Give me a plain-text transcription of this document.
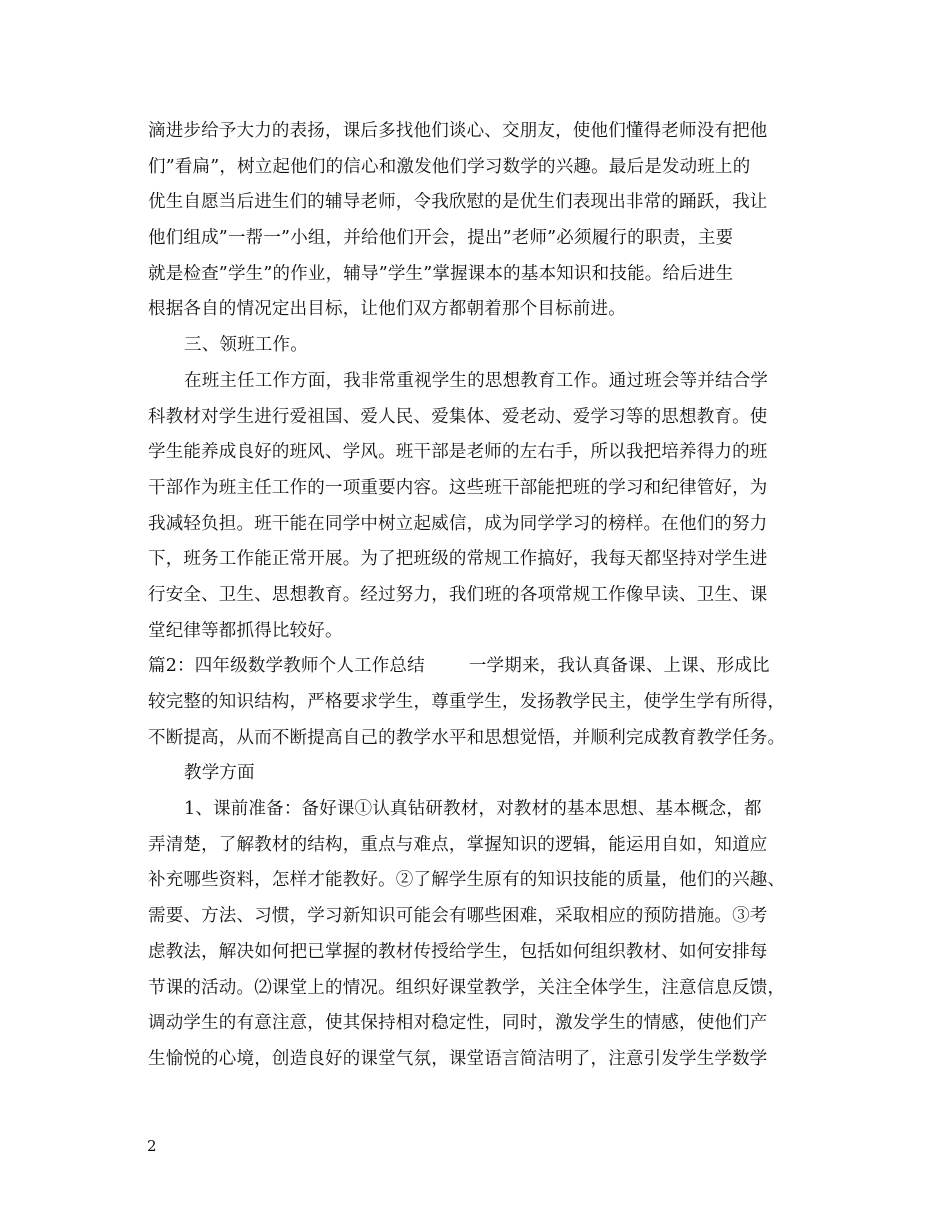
滴进步给予大力的表扬，课后多找他们谈心、交朋友，使他们懂得老师没有把他
们”看扁”，树立起他们的信心和激发他们学习数学的兴趣。最后是发动班上的
优生自愿当后进生们的辅导老师，令我欣慰的是优生们表现出非常的踊跃，我让
他们组成”一帮一”小组，并给他们开会，提出”老师”必须履行的职责，主要
就是检查”学生”的作业，辅导”学生”掌握课本的基本知识和技能。给后进生
根据各自的情况定出目标，让他们双方都朝着那个目标前进。
三、领班工作。
在班主任工作方面，我非常重视学生的思想教育工作。通过班会等并结合学
科教材对学生进行爱祖国、爱人民、爱集体、爱老动、爱学习等的思想教育。使
学生能养成良好的班风、学风。班干部是老师的左右手，所以我把培养得力的班
干部作为班主任工作的一项重要内容。这些班干部能把班的学习和纪律管好，为
我减轻负担。班干能在同学中树立起威信，成为同学学习的榜样。在他们的努力
下，班务工作能正常开展。为了把班级的常规工作搞好，我每天都坚持对学生进
行安全、卫生、思想教育。经过努力，我们班的各项常规工作像早读、卫生、课
堂纪律等都抓得比较好。
篇2：四年级数学教师个人工作总结	一学期来，我认真备课、上课、形成比
较完整的知识结构，严格要求学生，尊重学生，发扬教学民主，使学生学有所得，
不断提高，从而不断提高自己的教学水平和思想觉悟，并顺利完成教育教学任务。
教学方面
1、课前准备：备好课①认真钻研教材，对教材的基本思想、基本概念，都
弄清楚，了解教材的结构，重点与难点，掌握知识的逻辑，能运用自如，知道应
补充哪些资料，怎样才能教好。②了解学生原有的知识技能的质量，他们的兴趣、
需要、方法、习惯，学习新知识可能会有哪些困难，采取相应的预防措施。③考
虑教法，解决如何把已掌握的教材传授给学生，包括如何组织教材、如何安排每
节课的活动。⑵课堂上的情况。组织好课堂教学，关注全体学生，注意信息反馈，
调动学生的有意注意，使其保持相对稳定性，同时，激发学生的情感，使他们产
生愉悦的心境，创造良好的课堂气氛，课堂语言简洁明了，注意引发学生学数学
2
